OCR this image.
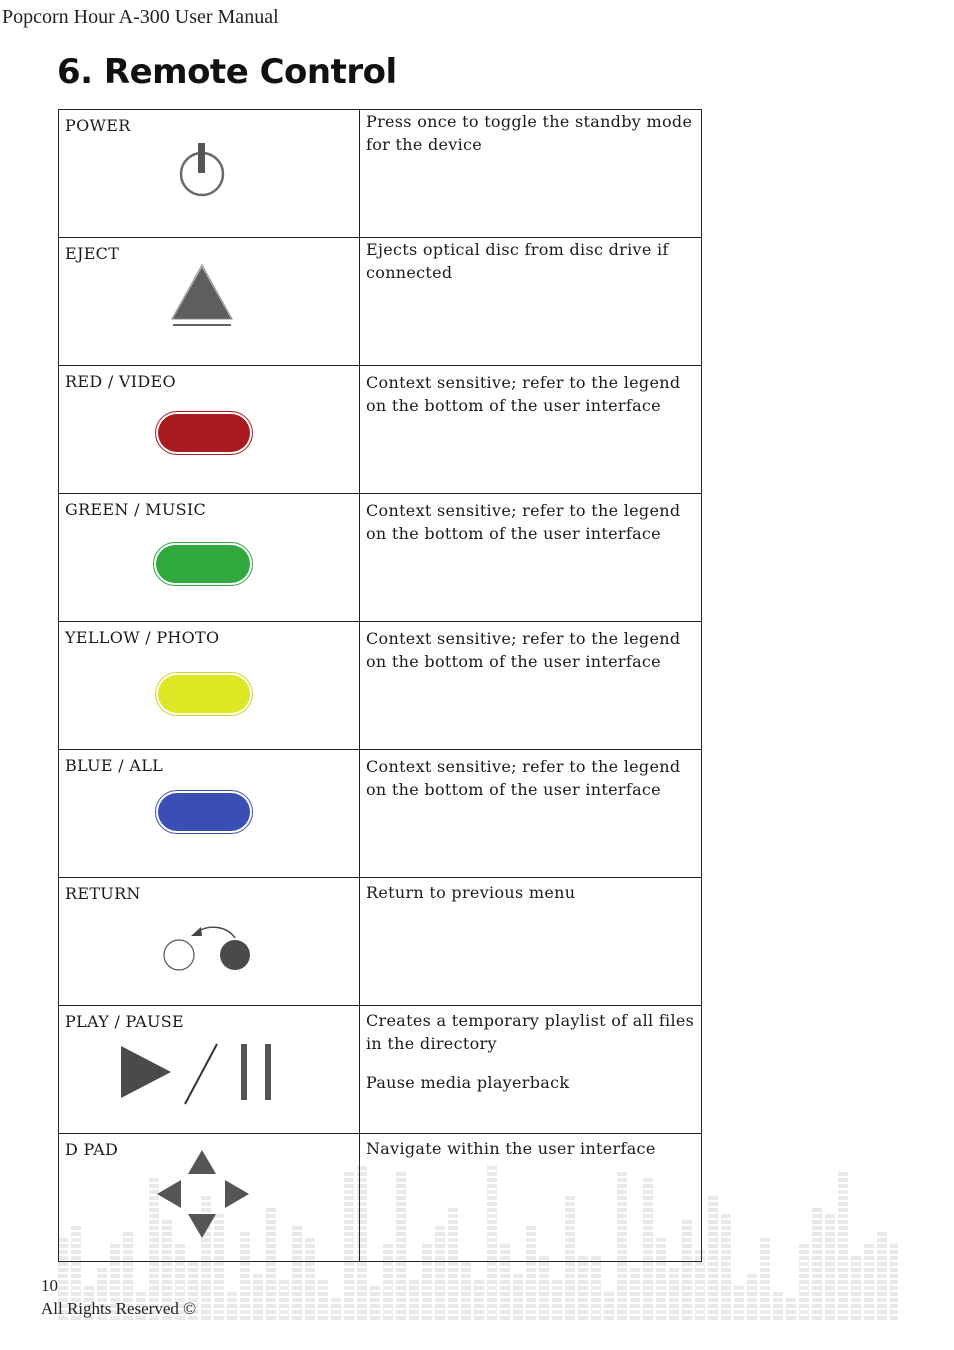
Popcorn Hour A-300 User Manual
6. Remote Control
POWER	Press once to toggle the standby mode for the device

EJECT	Ejects optical disc from disc drive if connected

RED / VIDEO	Context sensitive; refer to the legend on the bottom of the user interface

GREEN / MUSIC	Context sensitive; refer to the legend on the bottom of the user interface

YELLOW / PHOTO	Context sensitive; refer to the legend on the bottom of the user interface

BLUE / ALL	Context sensitive; refer to the legend on the bottom of the user interface

RETURN	Return to previous menu

PLAY / PAUSE	Creates a temporary playlist of all files in the directory

Pause media playerback

D PAD	Navigate within the user interface

10
All Rights Reserved ©
